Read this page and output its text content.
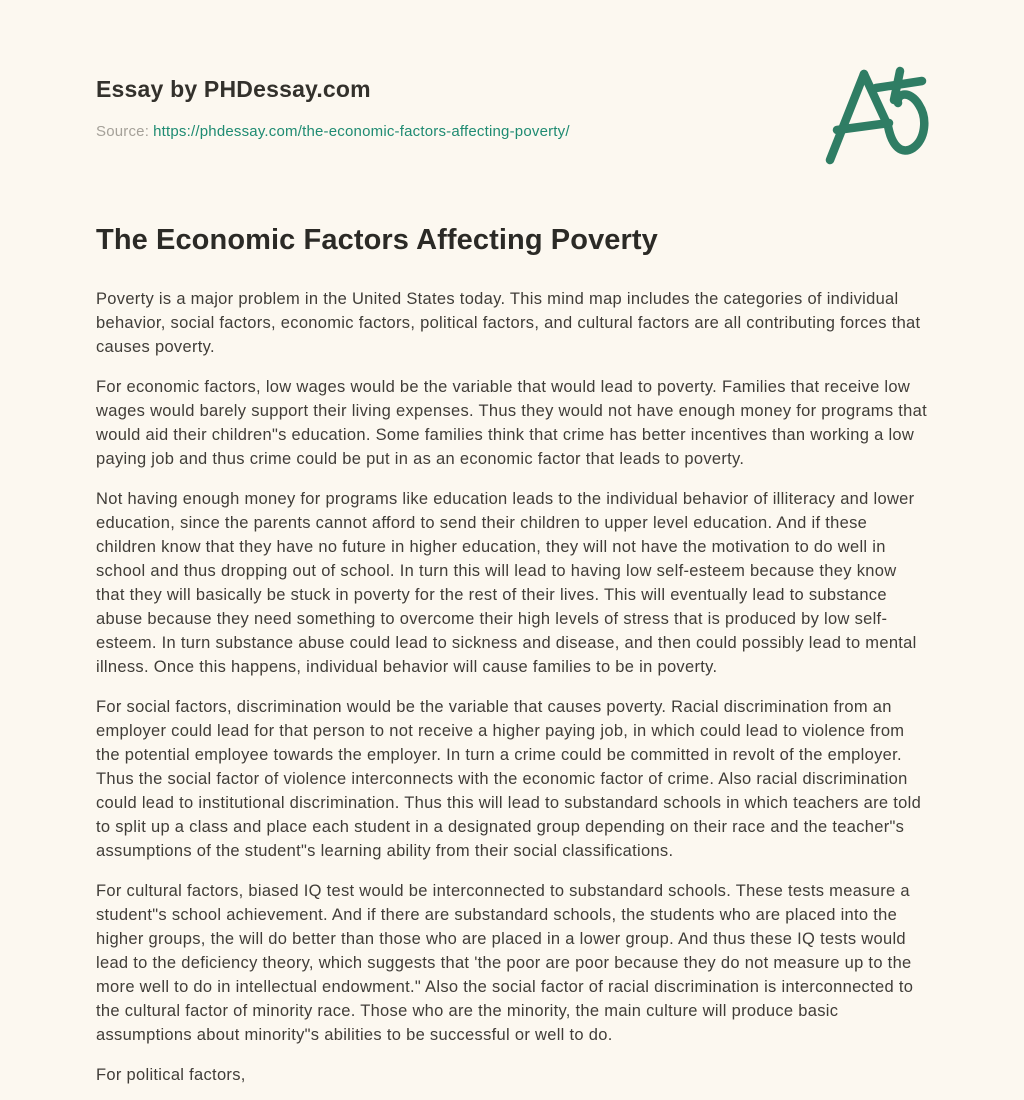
Essay by PHDessay.com
Source: https://phdessay.com/the-economic-factors-affecting-poverty/
The Economic Factors Affecting Poverty

Poverty is a major problem in the United States today. This mind map includes the categories of individual behavior, social factors, economic factors, political factors, and cultural factors are all contributing forces that causes poverty.

For economic factors, low wages would be the variable that would lead to poverty. Families that receive low wages would barely support their living expenses. Thus they would not have enough money for programs that would aid their children"s education. Some families think that crime has better incentives than working a low paying job and thus crime could be put in as an economic factor that leads to poverty.

Not having enough money for programs like education leads to the individual behavior of illiteracy and lower education, since the parents cannot afford to send their children to upper level education. And if these children know that they have no future in higher education, they will not have the motivation to do well in school and thus dropping out of school. In turn this will lead to having low self-esteem because they know that they will basically be stuck in poverty for the rest of their lives. This will eventually lead to substance abuse because they need something to overcome their high levels of stress that is produced by low self-esteem. In turn substance abuse could lead to sickness and disease, and then could possibly lead to mental illness. Once this happens, individual behavior will cause families to be in poverty.

For social factors, discrimination would be the variable that causes poverty. Racial discrimination from an employer could lead for that person to not receive a higher paying job, in which could lead to violence from the potential employee towards the employer. In turn a crime could be committed in revolt of the employer. Thus the social factor of violence interconnects with the economic factor of crime. Also racial discrimination could lead to institutional discrimination. Thus this will lead to substandard schools in which teachers are told to split up a class and place each student in a designated group depending on their race and the teacher"s assumptions of the student"s learning ability from their social classifications.

For cultural factors, biased IQ test would be interconnected to substandard schools. These tests measure a student"s school achievement. And if there are substandard schools, the students who are placed into the higher groups, the will do better than those who are placed in a lower group. And thus these IQ tests would lead to the deficiency theory, which suggests that 'the poor are poor because they do not measure up to the more well to do in intellectual endowment." Also the social factor of racial discrimination is interconnected to the cultural factor of minority race. Those who are the minority, the main culture will produce basic assumptions about minority"s abilities to be successful or well to do.

For political factors,
